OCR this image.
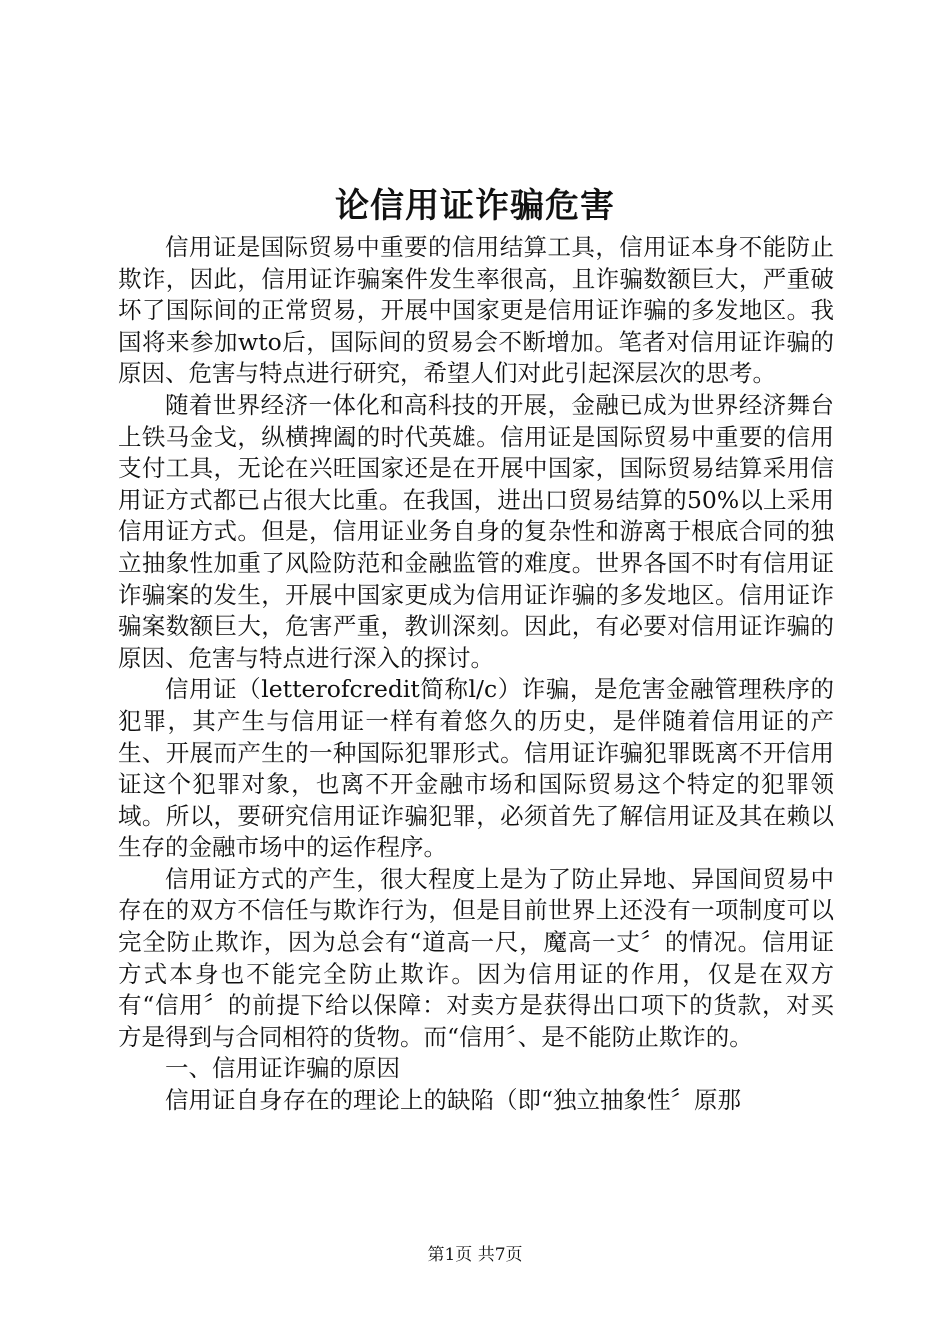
论信用证诈骗危害

信用证是国际贸易中重要的信用结算工具，信用证本身不能防止欺诈，因此，信用证诈骗案件发生率很高，且诈骗数额巨大，严重破坏了国际间的正常贸易，开展中国家更是信用证诈骗的多发地区。我国将来参加wto后，国际间的贸易会不断增加。笔者对信用证诈骗的原因、危害与特点进行研究，希望人们对此引起深层次的思考。

随着世界经济一体化和高科技的开展，金融已成为世界经济舞台上铁马金戈，纵横捭阖的时代英雄。信用证是国际贸易中重要的信用支付工具，无论在兴旺国家还是在开展中国家，国际贸易结算采用信用证方式都已占很大比重。在我国，进出口贸易结算的50%以上采用信用证方式。但是，信用证业务自身的复杂性和游离于根底合同的独立抽象性加重了风险防范和金融监管的难度。世界各国不时有信用证诈骗案的发生，开展中国家更成为信用证诈骗的多发地区。信用证诈骗案数额巨大，危害严重，教训深刻。因此，有必要对信用证诈骗的原因、危害与特点进行深入的探讨。

信用证（letterofcredit简称l/c）诈骗，是危害金融管理秩序的犯罪，其产生与信用证一样有着悠久的历史，是伴随着信用证的产生、开展而产生的一种国际犯罪形式。信用证诈骗犯罪既离不开信用证这个犯罪对象，也离不开金融市场和国际贸易这个特定的犯罪领域。所以，要研究信用证诈骗犯罪，必须首先了解信用证及其在赖以生存的金融市场中的运作程序。

信用证方式的产生，很大程度上是为了防止异地、异国间贸易中存在的双方不信任与欺诈行为，但是目前世界上还没有一项制度可以完全防止欺诈，因为总会有“道高一尺，魔高一丈〞的情况。信用证方式本身也不能完全防止欺诈。因为信用证的作用，仅是在双方有“信用〞的前提下给以保障：对卖方是获得出口项下的货款，对买方是得到与合同相符的货物。而“信用〞、是不能防止欺诈的。

一、信用证诈骗的原因

信用证自身存在的理论上的缺陷（即“独立抽象性〞原那

第1页 共7页
